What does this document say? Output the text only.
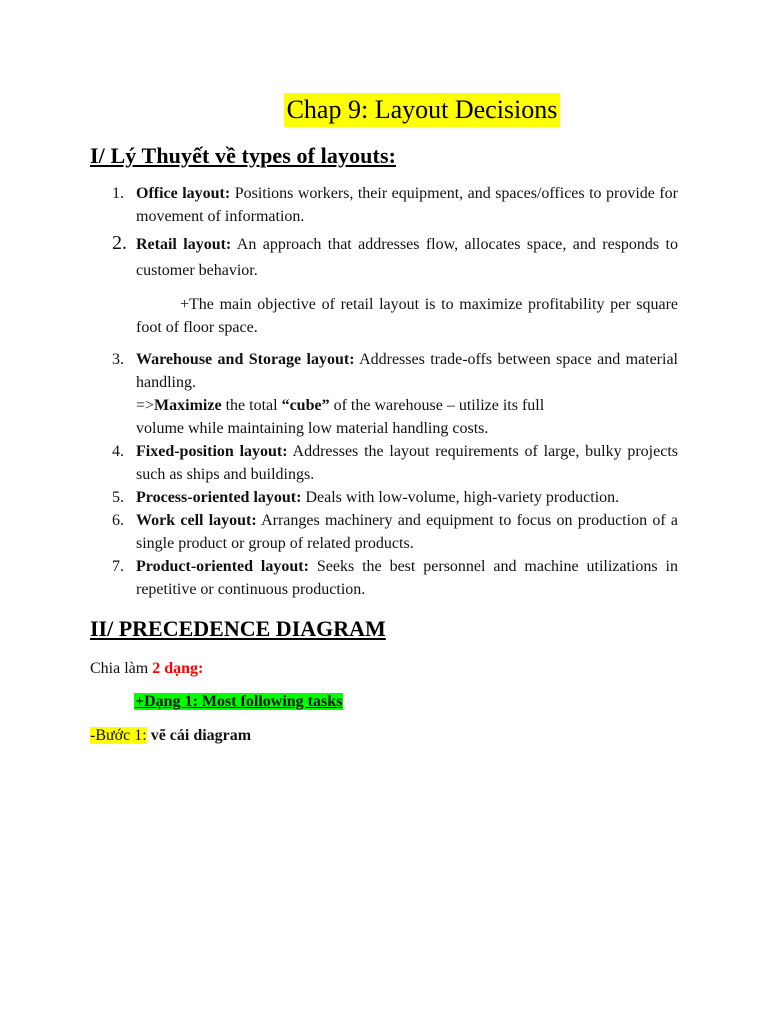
Chap 9: Layout Decisions
I/ Lý Thuyết về types of layouts:
1. Office layout: Positions workers, their equipment, and spaces/offices to provide for movement of information.
2. Retail layout: An approach that addresses flow, allocates space, and responds to customer behavior.
+The main objective of retail layout is to maximize profitability per square foot of floor space.
3. Warehouse and Storage layout: Addresses trade-offs between space and material handling.
=>Maximize the total “cube” of the warehouse – utilize its full volume while maintaining low material handling costs.
4. Fixed-position layout: Addresses the layout requirements of large, bulky projects such as ships and buildings.
5. Process-oriented layout: Deals with low-volume, high-variety production.
6. Work cell layout: Arranges machinery and equipment to focus on production of a single product or group of related products.
7. Product-oriented layout: Seeks the best personnel and machine utilizations in repetitive or continuous production.
II/ PRECEDENCE DIAGRAM
Chia làm 2 dạng:
+Dạng 1: Most following tasks
-Bước 1: vẽ cái diagram
